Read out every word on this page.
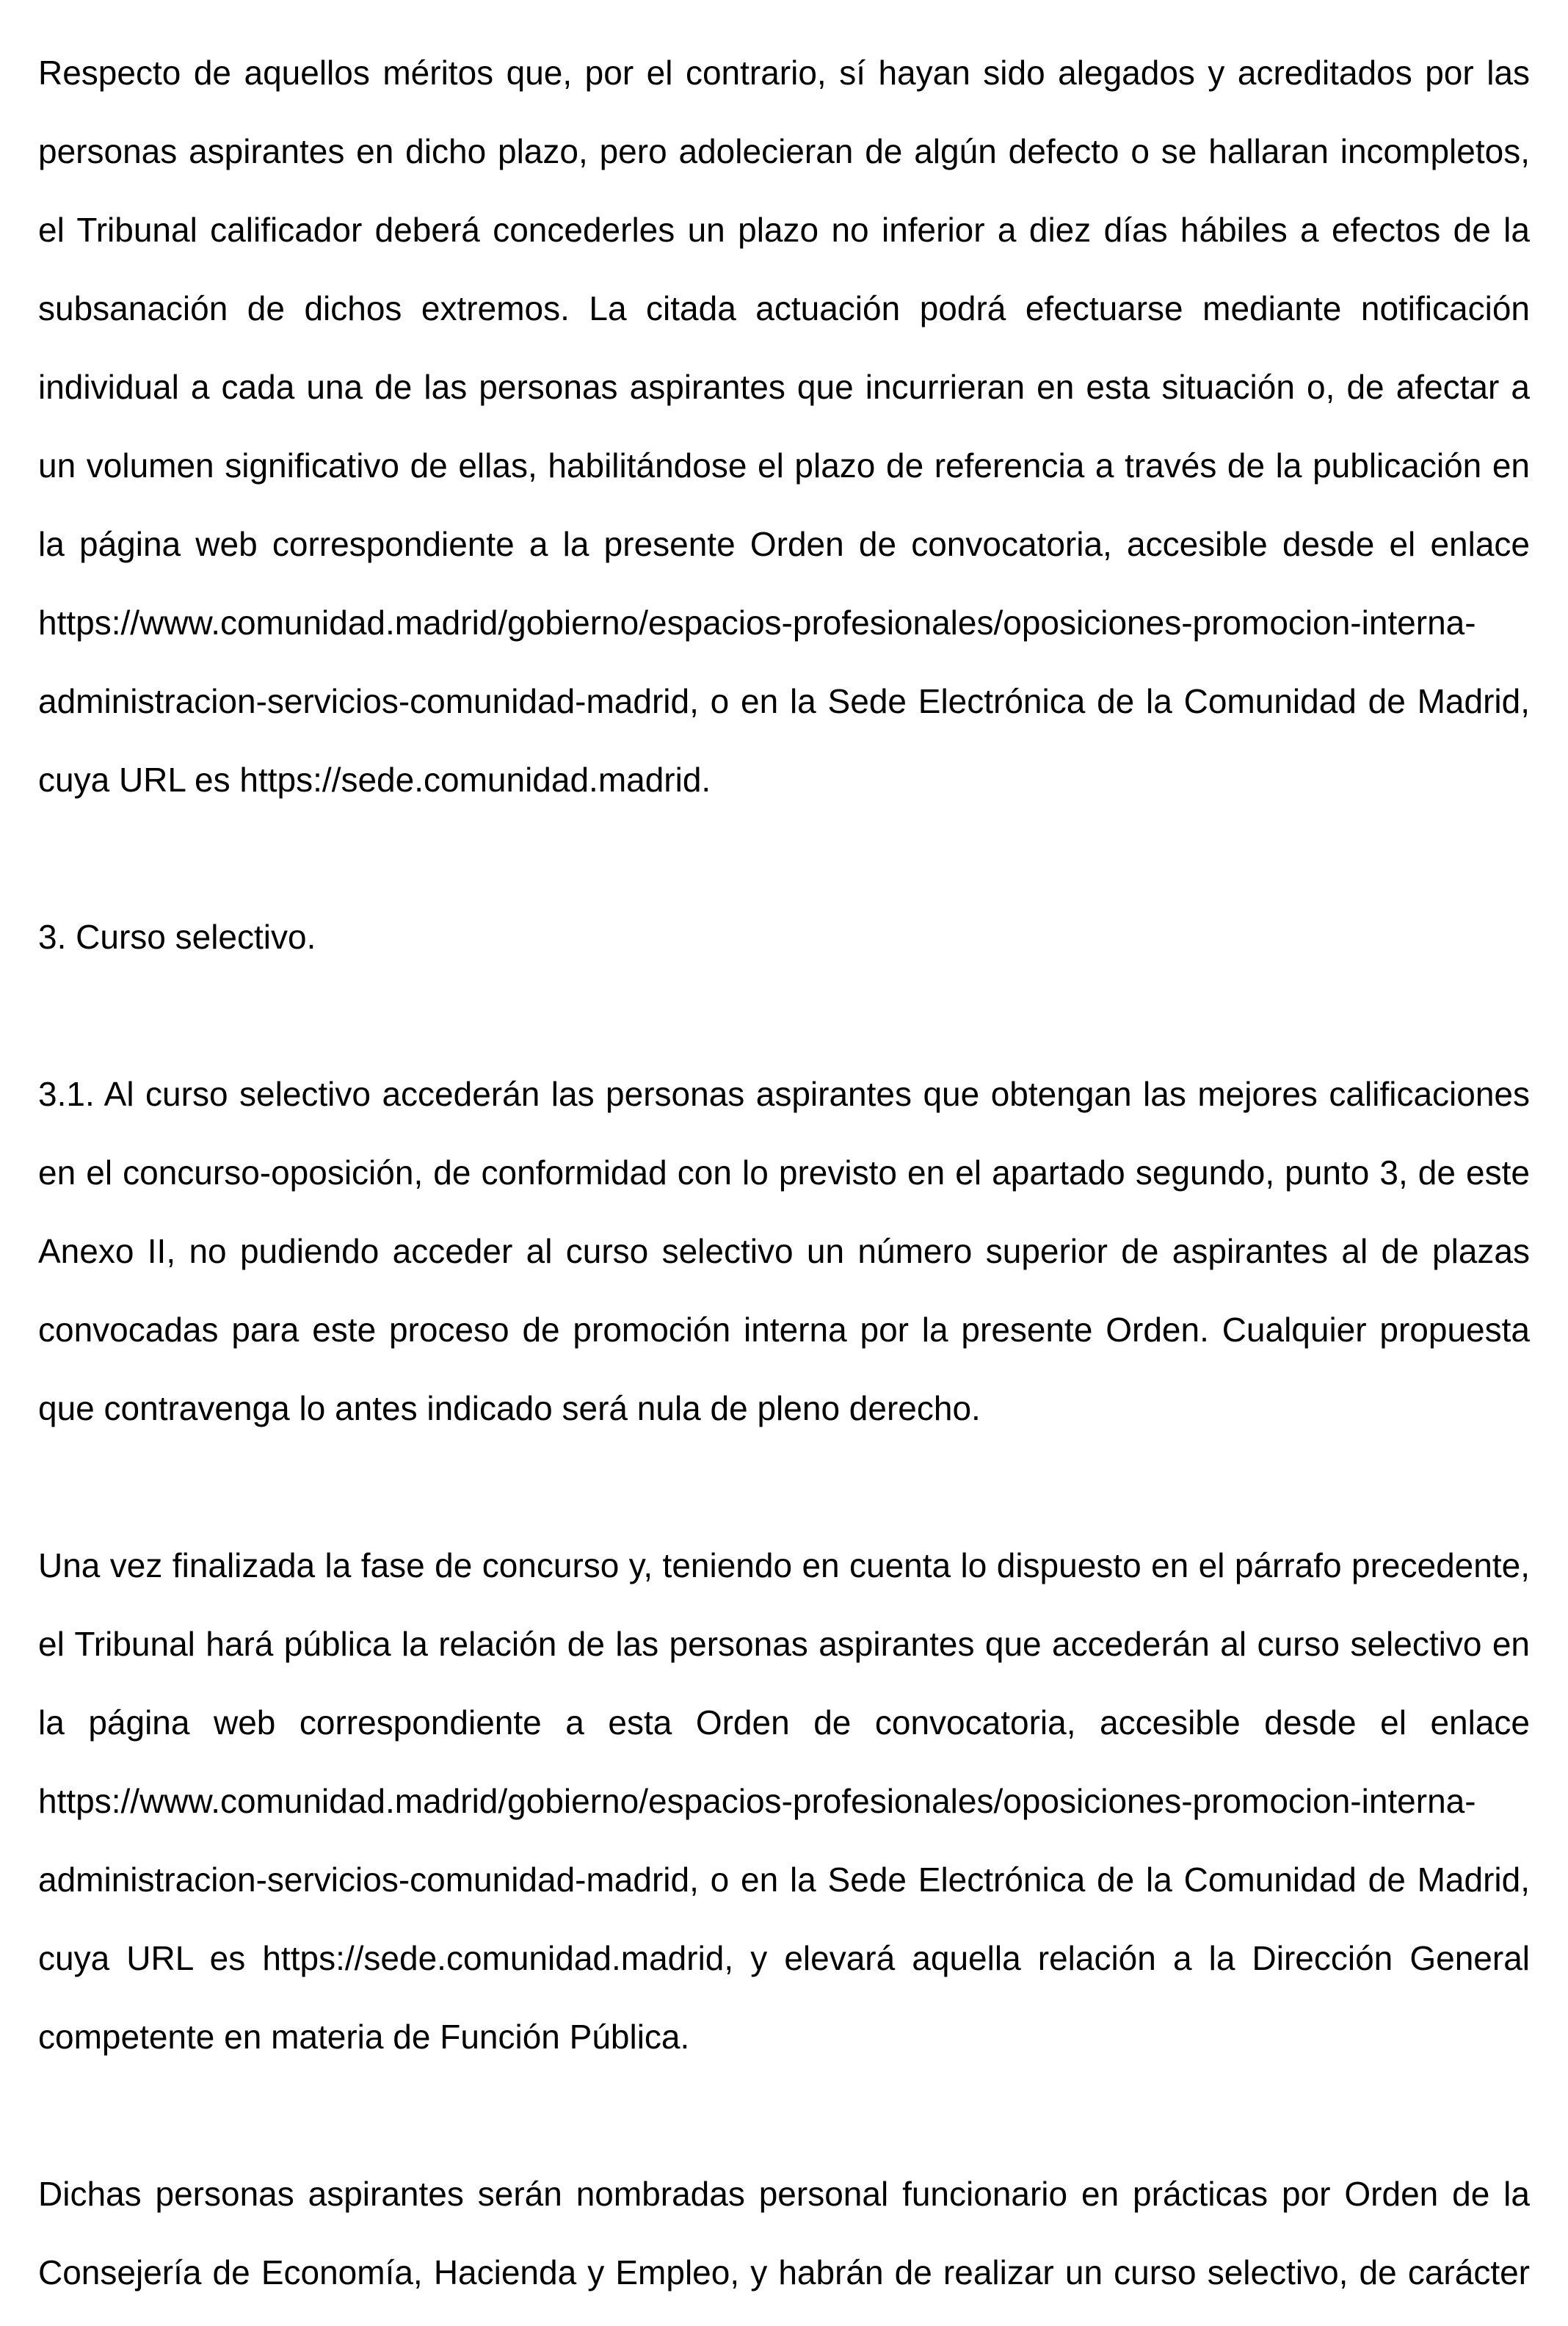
Respecto de aquellos méritos que, por el contrario, sí hayan sido alegados y acreditados por las personas aspirantes en dicho plazo, pero adolecieran de algún defecto o se hallaran incompletos, el Tribunal calificador deberá concederles un plazo no inferior a diez días hábiles a efectos de la subsanación de dichos extremos. La citada actuación podrá efectuarse mediante notificación individual a cada una de las personas aspirantes que incurrieran en esta situación o, de afectar a un volumen significativo de ellas, habilitándose el plazo de referencia a través de la publicación en la página web correspondiente a la presente Orden de convocatoria, accesible desde el enlace https://www.comunidad.madrid/gobierno/espacios-profesionales/oposiciones-promocion-interna-administracion-servicios-comunidad-madrid, o en la Sede Electrónica de la Comunidad de Madrid, cuya URL es https://sede.comunidad.madrid.

3. Curso selectivo.

3.1. Al curso selectivo accederán las personas aspirantes que obtengan las mejores calificaciones en el concurso-oposición, de conformidad con lo previsto en el apartado segundo, punto 3, de este Anexo II, no pudiendo acceder al curso selectivo un número superior de aspirantes al de plazas convocadas para este proceso de promoción interna por la presente Orden. Cualquier propuesta que contravenga lo antes indicado será nula de pleno derecho.

Una vez finalizada la fase de concurso y, teniendo en cuenta lo dispuesto en el párrafo precedente, el Tribunal hará pública la relación de las personas aspirantes que accederán al curso selectivo en la página web correspondiente a esta Orden de convocatoria, accesible desde el enlace https://www.comunidad.madrid/gobierno/espacios-profesionales/oposiciones-promocion-interna-administracion-servicios-comunidad-madrid, o en la Sede Electrónica de la Comunidad de Madrid, cuya URL es https://sede.comunidad.madrid, y elevará aquella relación a la Dirección General competente en materia de Función Pública.

Dichas personas aspirantes serán nombradas personal funcionario en prácticas por Orden de la Consejería de Economía, Hacienda y Empleo, y habrán de realizar un curso selectivo, de carácter
